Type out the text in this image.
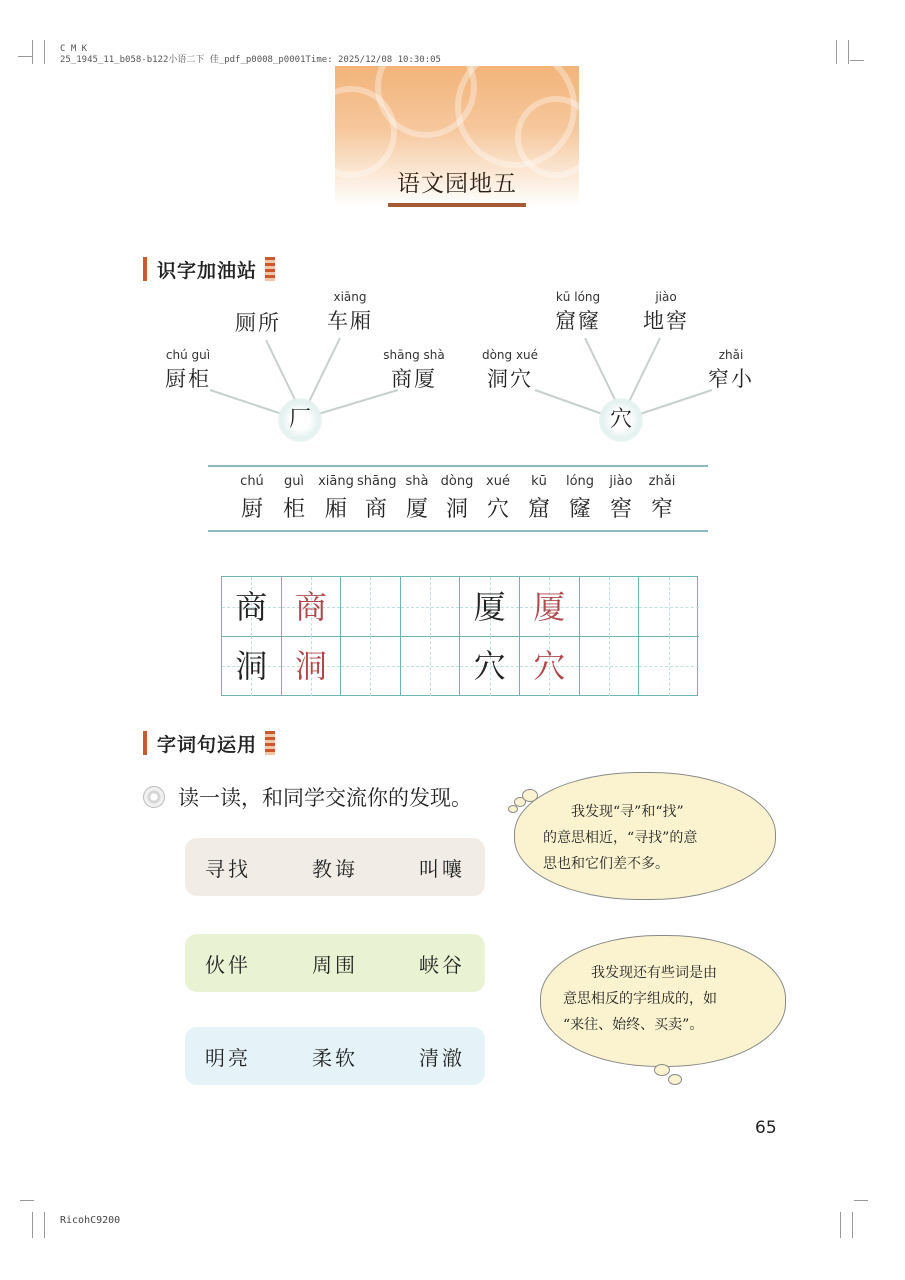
C M K
25_1945_11_b058-b122小语二下 佳_pdf_p0008_p0001Time: 2025/12/08 10:30:05
语文园地五
识字加油站
厕所
xiāng
车厢
chú guì
厨柜
shāng shà
商厦
厂
kū lóng
窟窿
jiào
地窖
dòng xué
洞穴
zhǎi
窄小
穴
chú
厨
guì
柜
xiāng
厢
shāng
商
shà
厦
dòng
洞
xué
穴
kū
窟
lóng
窿
jiào
窖
zhǎi
窄
商 商	厦 厦
洞 洞	穴 穴
字词句运用
读一读，和同学交流你的发现。
寻找	教诲	叫嚷
伙伴	周围	峡谷
明亮	柔软	清澈
我发现“寻”和“找”
的意思相近，“寻找”的意
思也和它们差不多。
我发现还有些词是由
意思相反的字组成的，如
“来往、始终、买卖”。
65
RicohC9200
